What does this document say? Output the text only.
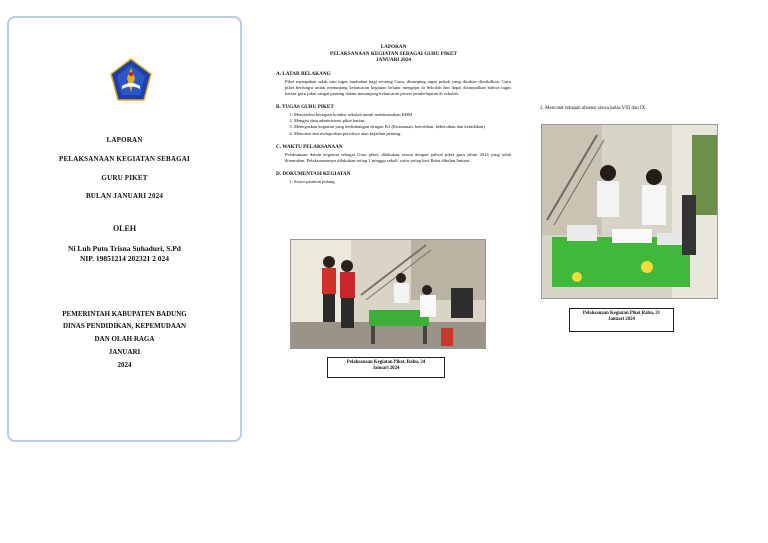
LAPORAN
PELAKSANAAN KEGIATAN SEBAGAI
GURU PIKET
BULAN JANUARI 2024
OLEH
Ni Luh Putu Trisna Suhaduri, S.Pd
NIP. 19851214 202321 2 024
PEMERINTAH KABUPATEN BADUNG
DINAS PENDIDIKAN, KEPEMUDAAN
DAN OLAH RAGA
JANUARI
2024
LAPORAN
PELAKSANAAN KEGIATAN SEBAGAI GURU PIKET
JANUARI 2024
A. LATAR BELAKANG
Piket merupakan salah satu tugas tambahan bagi seorang Guru, disamping tugas pokok yang dicakan diwakilkan. Guru piket berfungsi untuk menunjang kelancaran kegiatan belajar mengajar di Sekolah dan dapat disimpulkan bahwa tugas harian guru piket sangat penting dalam menunjang kelancaran proses pembelajaran di sekolah.
B. TUGAS GURU PIKET
1. Memeriksa kesiapan kondisi sekolah untuk melaksanakan KBM
2. Mengisi data administrasi piket harian.
3. Menegaskan kegiatan yang berhubungan dengan K3 (Keamanan, ketertiban, kebersihan dan keindahan)
4. Mencatat dan melaporkan peristiwa atau kejadian penting.
C. WAKTU PELAKSANAAN
Pelaksanaan dalam kegiatan sebagai Guru piket, dilakukan sesuai dengan jadwal piket guru tahun 2024 yang telah ditentukan. Pelaksanaannya dilakukan setiap 1 minggu sekali, yaitu setiap hari Rabu dibulan Januari.
D. DOKUMENTASI KEGIATAN
1. Siswa pamitan pulang.
Pelaksanaan Kegiatan Piket, Rabu, 24
Januari 2024
2. Mencatat rekapan absensi siswa kelas VIII dan IX.
Pelaksanaan Kegiatan Piket Rabu, 31
Januari 2024
